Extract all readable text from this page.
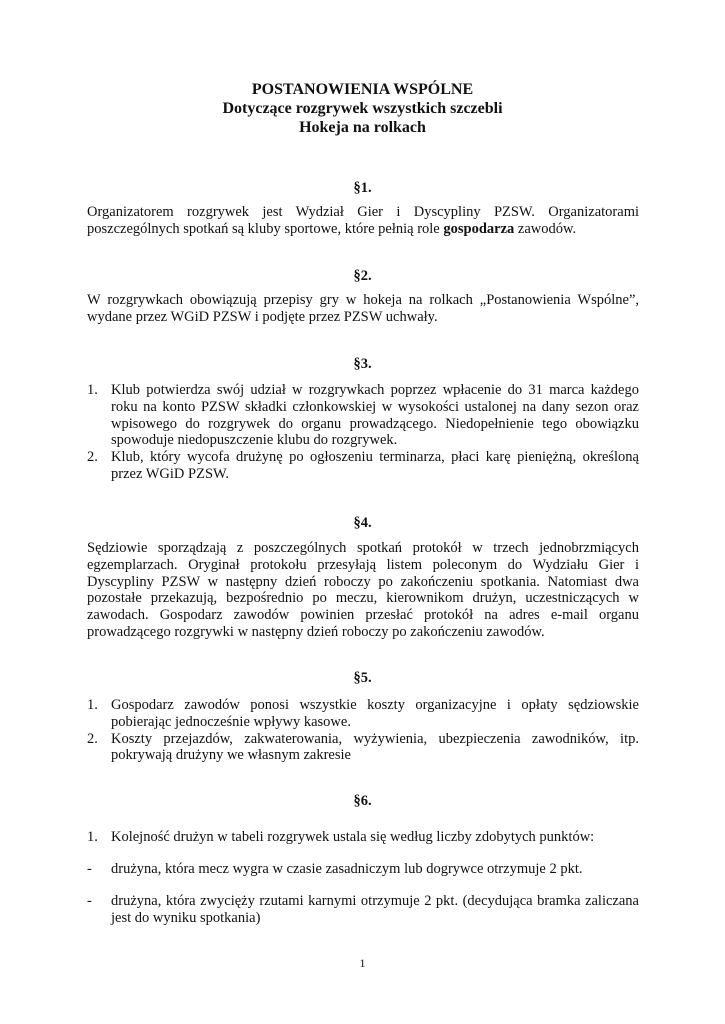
POSTANOWIENIA WSPÓLNE
Dotyczące rozgrywek wszystkich szczebli
Hokeja na rolkach
§1.

Organizatorem rozgrywek jest Wydział Gier i Dyscypliny PZSW. Organizatorami poszczególnych spotkań są kluby sportowe, które pełnią role gospodarza zawodów.

§2.

W rozgrywkach obowiązują przepisy gry w hokeja na rolkach „Postanowienia Wspólne”, wydane przez WGiD PZSW i podjęte przez PZSW uchwały.

§3.
1. Klub potwierdza swój udział w rozgrywkach poprzez wpłacenie do 31 marca każdego roku na konto PZSW składki członkowskiej w wysokości ustalonej na dany sezon oraz wpisowego do rozgrywek do organu prowadzącego. Niedopełnienie tego obowiązku spowoduje niedopuszczenie klubu do rozgrywek.
2. Klub, który wycofa drużynę po ogłoszeniu terminarza, płaci karę pieniężną, określoną przez WGiD PZSW.
§4.

Sędziowie sporządzają z poszczególnych spotkań protokół w trzech jednobrzmiących egzemplarzach. Oryginał protokołu przesyłają listem poleconym do Wydziału Gier i Dyscypliny PZSW w następny dzień roboczy po zakończeniu spotkania. Natomiast dwa pozostałe przekazują, bezpośrednio po meczu, kierownikom drużyn, uczestniczących w zawodach. Gospodarz zawodów powinien przesłać protokół na adres e-mail organu prowadzącego rozgrywki w następny dzień roboczy po zakończeniu zawodów.

§5.
1. Gospodarz zawodów ponosi wszystkie koszty organizacyjne i opłaty sędziowskie pobierając jednocześnie wpływy kasowe.
2. Koszty przejazdów, zakwaterowania, wyżywienia, ubezpieczenia zawodników, itp. pokrywają drużyny we własnym zakresie
§6.
1. Kolejność drużyn w tabeli rozgrywek ustala się według liczby zdobytych punktów:
- drużyna, która mecz wygra w czasie zasadniczym lub dogrywce otrzymuje 2 pkt.
- drużyna, która zwycięży rzutami karnymi otrzymuje 2 pkt. (decydująca bramka zaliczana jest do wyniku spotkania)
1
